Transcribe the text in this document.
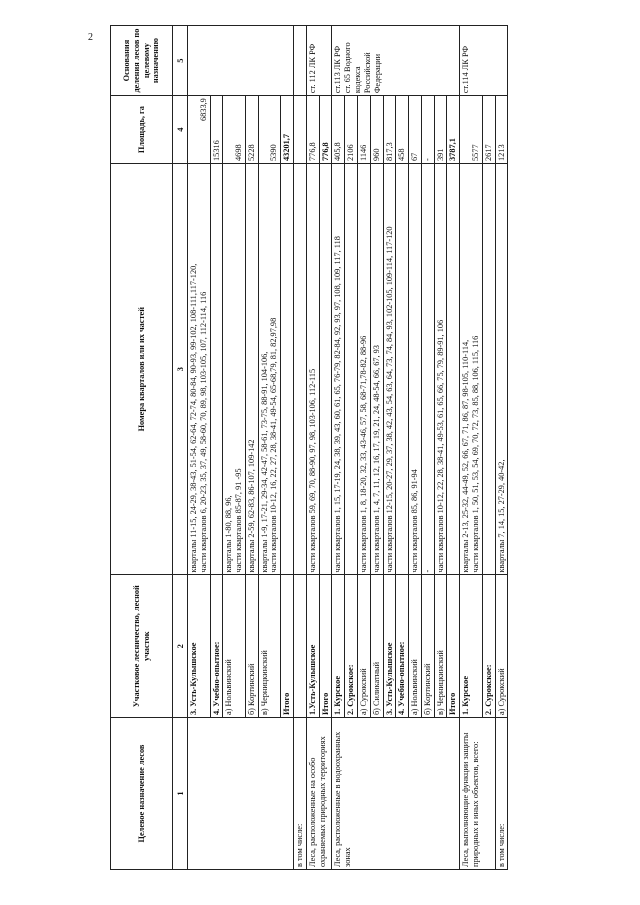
2
Целевое назначение лесов	Участковое лесничество, лесной участок	Номера кварталов или их частей	Площадь, га	Основания деления лесов по целевому назначению
1	2	3	4	5
	3. Усть-Кулышское	кварталы 11-15, 24-29, 38-43, 51-54, 62-64, 72-74, 80-84, 90-93, 99-102, 108-111,117-120, части кварталов 6, 20-23, 35, 37, 49, 58-60, 70, 89, 98, 103-105, 107, 112-114, 116	6833,9	
	4. Учебно-опытное:		15316	
	а) Нольвинский	кварталы 1-80, 88, 96, части кварталов 85-87, 91 -95	4698	
	б) Кортинский	кварталы 2-59, 62-83, 86-107, 109-142	5228	
	в) Черницкинский	кварталы 1-9, 17-21, 29-34, 42-47, 58-61, 73-75, 88-91, 104-106, части кварталов 10-12, 16, 22, 27, 28, 38-41, 49-54, 65-68,79, 81, 82,97,98	5390	
	Итого		43201,7	
в том числе:				
Леса, расположенные на особо охраняемых природных территориях	1.Усть-Кулышское	части кварталов 59, 69, 70, 88-90, 97, 98, 103-106, 112-115	776,8	ст. 112 ЛК РФ
	Итого		776,8	
Леса, расположенные в водоохранных зонах	1. Курское	части кварталов 1, 15, 17-19, 24, 38, 39, 43, 60, 61, 65, 76-79, 82-84, 92, 93, 97, 108, 109, 117, 118	405,8	ст.113 ЛК РФ ст. 65 Водного кодекса Российской Федерации

	2. Сурокское:		2106	
	а) Сурокский	части кварталов 1, 8, 18-20, 32, 33, 43-46, 57, 58, 68-71,78-82, 88-96	1146	
	б) Силикатный	части кварталов 1, 4, 7, 11, 12, 16, 17, 19, 21, 24, 48-54, 66, 67, 93	960	
	3. Усть-Кулышское	части кварталов 12-15, 20-27, 29, 37, 38, 42, 43, 54, 63, 64, 73, 74, 84, 93, 102-105, 109-114, 117-120	817,3	
	4. Учебно-опытное:		458	
	а) Нольвинский	части кварталов 85, 86, 91-94	67	
	б) Кортинский	-	-	
	в) Черницкинский	части кварталов 10-12, 22, 28, 38-41, 49-53, 61, 65, 66, 75, 79, 89-91, 106	391	
	Итого		3787,1	
Леса, выполняющие функции защиты природных и иных объектов, всего:	1. Курское	кварталы 2-13, 25-32, 44-49, 52, 66, 67, 71, 86, 87, 98-105, 110-114, части кварталов 1, 50, 51, 53, 54, 69, 70, 72, 73, 85, 88, 106, 115, 116	5577	ст.114 ЛК РФ
	2. Сурокское:		2617	
в том числе:	а) Сурокский	кварталы 7, 14, 15, 27-29, 40-42,	1213	
